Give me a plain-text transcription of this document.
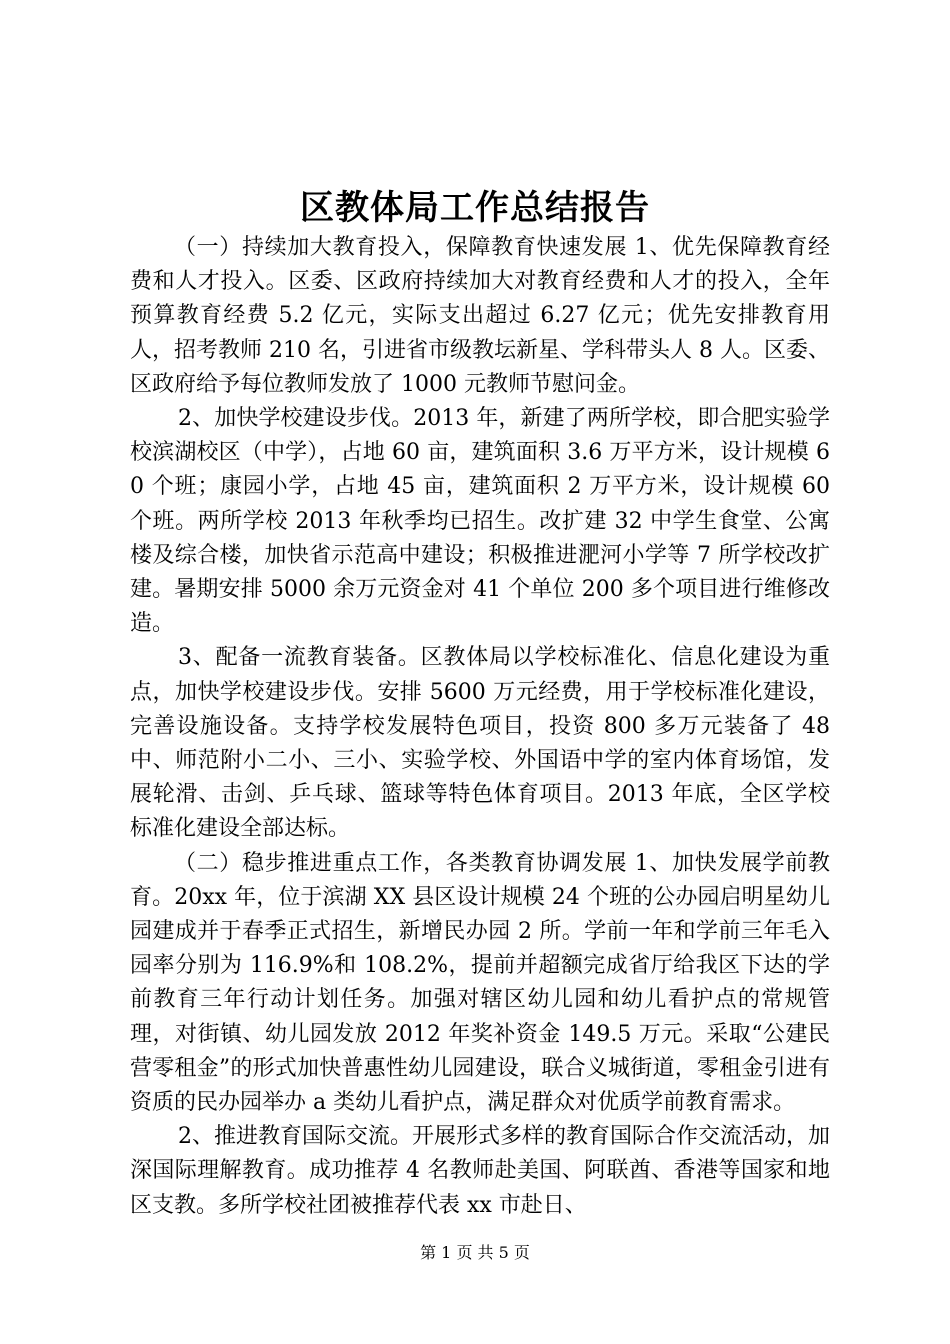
区教体局工作总结报告

（一）持续加大教育投入，保障教育快速发展 1、优先保障教育经费和人才投入。区委、区政府持续加大对教育经费和人才的投入，全年预算教育经费 5.2 亿元，实际支出超过 6.27 亿元；优先安排教育用人，招考教师 210 名，引进省市级教坛新星、学科带头人 8 人。区委、区政府给予每位教师发放了 1000 元教师节慰问金。

2、加快学校建设步伐。2013 年，新建了两所学校，即合肥实验学校滨湖校区（中学），占地 60 亩，建筑面积 3.6 万平方米，设计规模 60 个班；康园小学，占地 45 亩，建筑面积 2 万平方米，设计规模 60 个班。两所学校 2013 年秋季均已招生。改扩建 32 中学生食堂、公寓楼及综合楼，加快省示范高中建设；积极推进淝河小学等 7 所学校改扩建。暑期安排 5000 余万元资金对 41 个单位 200 多个项目进行维修改造。

3、配备一流教育装备。区教体局以学校标准化、信息化建设为重点，加快学校建设步伐。安排 5600 万元经费，用于学校标准化建设，完善设施设备。支持学校发展特色项目，投资 800 多万元装备了 48 中、师范附小二小、三小、实验学校、外国语中学的室内体育场馆，发展轮滑、击剑、乒乓球、篮球等特色体育项目。2013 年底，全区学校标准化建设全部达标。

（二）稳步推进重点工作，各类教育协调发展 1、加快发展学前教育。20xx 年，位于滨湖 XX 县区设计规模 24 个班的公办园启明星幼儿园建成并于春季正式招生，新增民办园 2 所。学前一年和学前三年毛入园率分别为 116.9%和 108.2%，提前并超额完成省厅给我区下达的学前教育三年行动计划任务。加强对辖区幼儿园和幼儿看护点的常规管理，对街镇、幼儿园发放 2012 年奖补资金 149.5 万元。采取“公建民营零租金”的形式加快普惠性幼儿园建设，联合义城街道，零租金引进有资质的民办园举办 a 类幼儿看护点，满足群众对优质学前教育需求。

2、推进教育国际交流。开展形式多样的教育国际合作交流活动，加深国际理解教育。成功推荐 4 名教师赴美国、阿联酋、香港等国家和地区支教。多所学校社团被推荐代表 xx 市赴日、

第 1 页 共 5 页
